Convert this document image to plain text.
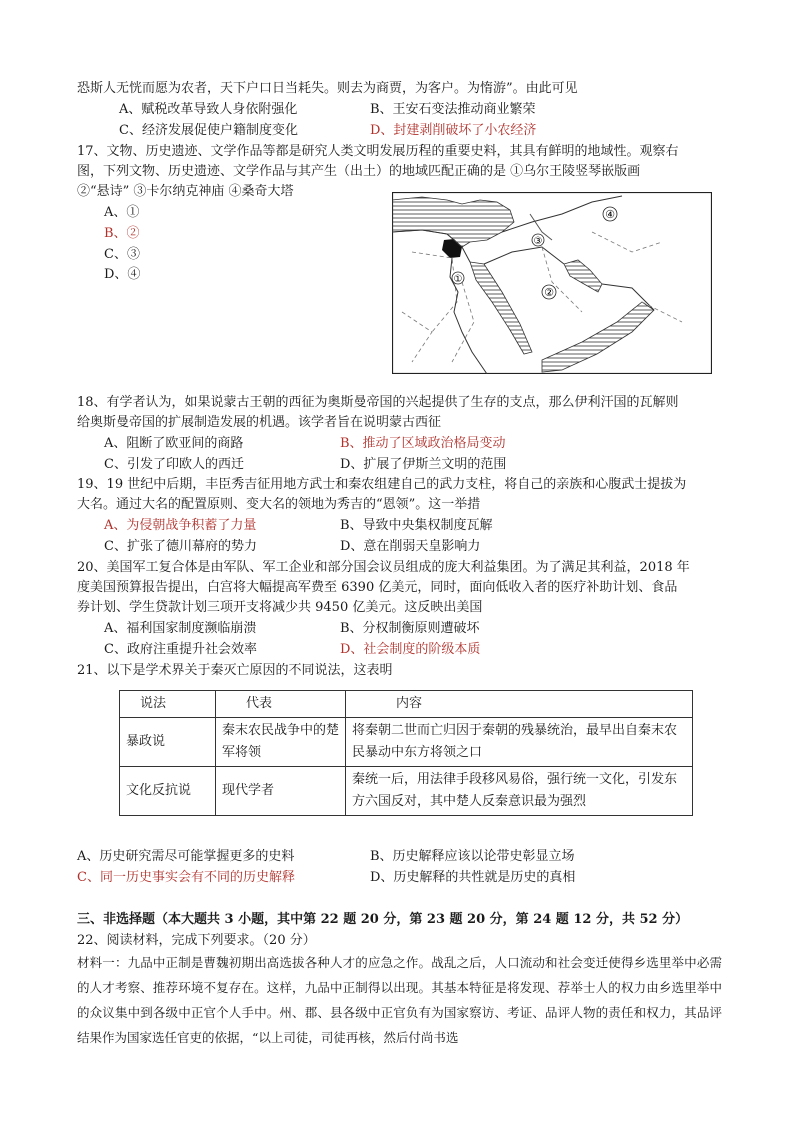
恐斯人无恍而愿为农者，天下户口日当耗失。则去为商贾，为客户。为惰游”。由此可见
A、赋税改革导致人身依附强化	B、王安石变法推动商业繁荣
C、经济发展促使户籍制度变化	D、封建剥削破坏了小农经济
17、文物、历史遗迹、文学作品等都是研究人类文明发展历程的重要史料，其具有鲜明的地域性。观察右
图，下列文物、历史遗迹、文学作品与其产生（出土）的地域匹配正确的是 ①乌尔王陵竖琴嵌版画
②“悬诗” ③卡尔纳克神庙 ④桑奇大塔
A、①
B、②
C、③
D、④	①
②
③
④
18、有学者认为，如果说蒙古王朝的西征为奥斯曼帝国的兴起提供了生存的支点，那么伊利汗国的瓦解则
给奥斯曼帝国的扩展制造发展的机遇。该学者旨在说明蒙古西征
A、阻断了欧亚间的商路	B、推动了区域政治格局变动
C、引发了印欧人的西迁	D、扩展了伊斯兰文明的范围
19、19 世纪中后期，丰臣秀吉征用地方武士和秦农组建自己的武力支柱，将自己的亲族和心腹武士提拔为
大名。通过大名的配置原则、变大名的领地为秀吉的“恩领”。这一举措
A、为侵朝战争积蓄了力量	B、导致中央集权制度瓦解
C、扩张了德川幕府的势力	D、意在削弱天皇影响力
20、美国军工复合体是由军队、军工企业和部分国会议员组成的庞大利益集团。为了满足其利益，2018 年
度美国预算报告提出，白宫将大幅提高军费至 6390 亿美元，同时，面向低收入者的医疗补助计划、食品
券计划、学生贷款计划三项开支将减少共 9450 亿美元。这反映出美国
A、福利国家制度濒临崩溃	B、分权制衡原则遭破坏
C、政府注重提升社会效率	D、社会制度的阶级本质
21、以下是学术界关于秦灭亡原因的不同说法，这表明
说法	代表	内容
暴政说	秦末农民战争中的楚军将领	将秦朝二世而亡归因于秦朝的残暴统治，最早出自秦末农民暴动中东方将领之口
文化反抗说	现代学者	秦统一后，用法律手段移风易俗，强行统一文化，引发东方六国反对，其中楚人反秦意识最为强烈
A、历史研究需尽可能掌握更多的史料	B、历史解释应该以论带史彰显立场
C、同一历史事实会有不同的历史解释	D、历史解释的共性就是历史的真相
三、非选择题（本大题共 3 小题，其中第 22 题 20 分，第 23 题 20 分，第 24 题 12 分，共 52 分）
22、阅读材料，完成下列要求。（20 分）
材料一：九品中正制是曹魏初期出高选拔各种人才的应急之作。战乱之后，人口流动和社会变迁使得乡选里举中必需的人才考察、推荐环境不复存在。这样，九品中正制得以出现。其基本特征是将发现、荐举士人的权力由乡选里举中的众议集中到各级中正官个人手中。州、郡、县各级中正官负有为国家察访、考证、品评人物的责任和权力，其品评结果作为国家选任官吏的依据，“以上司徒，司徒再核，然后付尚书选
